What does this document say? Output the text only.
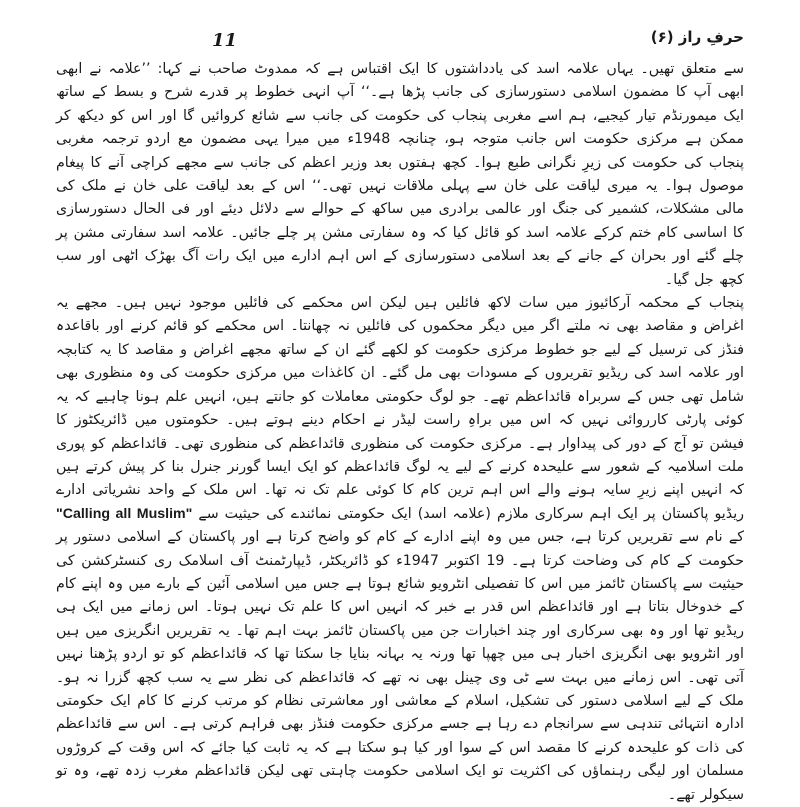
11	حرفِ راز (۶)

سے متعلق تھیں۔ یہاں علامہ اسد کی یادداشتوں کا ایک اقتباس ہے کہ ممدوٹ صاحب نے کہا: ’’علامہ نے ابھی ابھی آپ کا مضمون اسلامی دستورسازی کی جانب پڑھا ہے۔‘‘ آپ انہی خطوط پر قدرے شرح و بسط کے ساتھ ایک میمورنڈم تیار کیجیے، ہم اسے مغربی پنجاب کی حکومت کی جانب سے شائع کروائیں گا اور اس کو دیکھ کر ممکن ہے مرکزی حکومت اس جانب متوجہ ہو، چنانچہ 1948ء میں میرا یہی مضمون مع اردو ترجمہ مغربی پنجاب کی حکومت کی زیرِ نگرانی طبع ہوا۔ کچھ ہفتوں بعد وزیر اعظم کی جانب سے مجھے کراچی آنے کا پیغام موصول ہوا۔ یہ میری لیاقت علی خان سے پہلی ملاقات نہیں تھی۔‘‘ اس کے بعد لیاقت علی خان نے ملک کی مالی مشکلات، کشمیر کی جنگ اور عالمی برادری میں ساکھ کے حوالے سے دلائل دیئے اور فی الحال دستورسازی کا اساسی کام ختم کرکے علامہ اسد کو قائل کیا کہ وہ سفارتی مشن پر چلے جائیں۔ علامہ اسد سفارتی مشن پر چلے گئے اور بحران کے جانے کے بعد اسلامی دستورسازی کے اس اہم ادارے میں ایک رات آگ بھڑک اٹھی اور سب کچھ جل گیا۔

پنجاب کے محکمہ آرکائیوز میں سات لاکھ فائلیں ہیں لیکن اس محکمے کی فائلیں موجود نہیں ہیں۔ مجھے یہ اغراض و مقاصد بھی نہ ملتے اگر میں دیگر محکموں کی فائلیں نہ چھانتا۔ اس محکمے کو قائم کرنے اور باقاعدہ فنڈز کی ترسیل کے لیے جو خطوط مرکزی حکومت کو لکھے گئے ان کے ساتھ مجھے اغراض و مقاصد کا یہ کتابچہ اور علامہ اسد کی ریڈیو تقریروں کے مسودات بھی مل گئے۔ ان کاغذات میں مرکزی حکومت کی وہ منظوری بھی شامل تھی جس کے سربراہ قائداعظم تھے۔ جو لوگ حکومتی معاملات کو جانتے ہیں، انہیں علم ہونا چاہیے کہ یہ کوئی پارٹی کارروائی نہیں کہ اس میں براہِ راست لیڈر نے احکام دینے ہوتے ہیں۔ حکومتوں میں ڈائریکٹوز کا فیشن تو آج کے دور کی پیداوار ہے۔ مرکزی حکومت کی منظوری قائداعظم کی منظوری تھی۔ قائداعظم کو پوری ملت اسلامیہ کے شعور سے علیحدہ کرنے کے لیے یہ لوگ قائداعظم کو ایک ایسا گورنر جنرل بنا کر پیش کرتے ہیں کہ انہیں اپنے زیرِ سایہ ہونے والے اس اہم ترین کام کا کوئی علم تک نہ تھا۔ اس ملک کے واحد نشریاتی ادارے ریڈیو پاکستان پر ایک اہم سرکاری ملازم (علامہ اسد) ایک حکومتی نمائندے کی حیثیت سے "Calling all Muslim" کے نام سے تقریریں کرتا ہے، جس میں وہ اپنے ادارے کے کام کو واضح کرتا ہے اور پاکستان کے اسلامی دستور پر حکومت کے کام کی وضاحت کرتا ہے۔ 19 اکتوبر 1947ء کو ڈائریکٹر، ڈیپارٹمنٹ آف اسلامک ری کنسٹرکشن کی حیثیت سے پاکستان ٹائمز میں اس کا تفصیلی انٹرویو شائع ہوتا ہے جس میں اسلامی آئین کے بارے میں وہ اپنے کام کے خدوخال بتاتا ہے اور قائداعظم اس قدر بے خبر کہ انہیں اس کا علم تک نہیں ہوتا۔ اس زمانے میں ایک ہی ریڈیو تھا اور وہ بھی سرکاری اور چند اخبارات جن میں پاکستان ٹائمز بہت اہم تھا۔ یہ تقریریں انگریزی میں ہیں اور انٹرویو بھی انگریزی اخبار ہی میں چھپا تھا ورنہ یہ بہانہ بنایا جا سکتا تھا کہ قائداعظم کو تو اردو پڑھنا نہیں آتی تھی۔ اس زمانے میں بہت سے ٹی وی چینل بھی نہ تھے کہ قائداعظم کی نظر سے یہ سب کچھ گزرا نہ ہو۔ ملک کے لیے اسلامی دستور کی تشکیل، اسلام کے معاشی اور معاشرتی نظام کو مرتب کرنے کا کام ایک حکومتی ادارہ انتہائی تندہی سے سرانجام دے رہا ہے جسے مرکزی حکومت فنڈز بھی فراہم کرتی ہے۔ اس سے قائداعظم کی ذات کو علیحدہ کرنے کا مقصد اس کے سوا اور کیا ہو سکتا ہے کہ یہ ثابت کیا جائے کہ اس وقت کے کروڑوں مسلمان اور لیگی رہنماؤں کی اکثریت تو ایک اسلامی حکومت چاہتی تھی لیکن قائداعظم مغرب زدہ تھے، وہ تو سیکولر تھے۔
